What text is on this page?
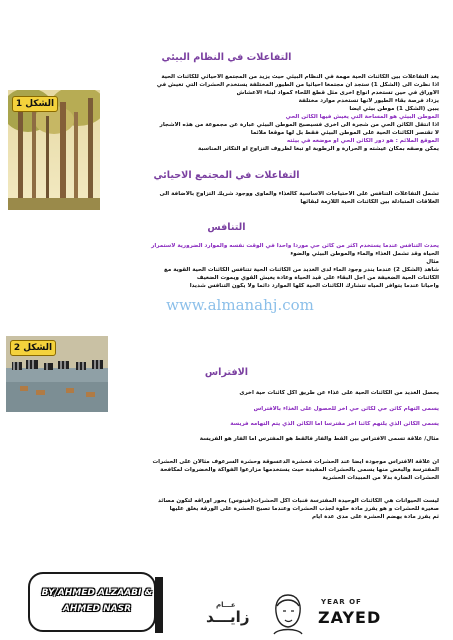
التفاعلات في النظام البيئي
الشكل 1
يعد التفاعلات بين الكائنات الحية مهمة في النظام البيئي حيث يزيد من المجتمع الاحيائي للكائنات الحية
اذا نظرت الى (الشكل 1) ستجد ان مجتمعا احيائيا من الطيور المختلفة يستخدم الحشرات التي تعيش في
الاوراق في حين تستخدم انواع اخرى مثل قطع اللحاء كمواد لبناء الاعشاش
يزداد فرصة بقاء الطيور لانها تستخدم موارد مختلفة
يبين (الشكل 1) موطن بيئي ايضا
الموطن البيئي هو المساحة التي يعيش فيها الكائن الحي
اذا انتقل الكائن الحي من شجرة الى اخرى فسيصبح الموطن البيئي عبارة عن مجموعة من هذه الاشجار
لا تقتصر الكائنات الحية على الموطن البيئي فقط بل لها موقعا ملائما
الموقع الملائم : هو دور الكائن الحي او موضعه في بيئته
يمكن وصفه بمكان عيشته و الحرارة و الرطوبة او تبعا لظروف التزاوج او التكاثر المناسبة
التفاعلات في المجتمع الاحيائي
تشمل التفاعلات التنافس على الاحتياجات الاساسية كالغذاء والماوى ووجود شريك التزاوج بالاضافة الى
العلاقات المتبادلة بين الكائنات الحية اللازمة لبقائها
التنافس
يحدث التنافس عندما يستخدم اكثر من كائن حي موردا واحدا في الوقت نفسه والموارد الضرورية لاستمرار
الحياة وقد تشمل الغذاء والماء والموطن البيئي والضوء
مثال
شاهد (الشكل 2) عندما يندر وجود الماء لدى العديد من الكائنات الحية تتنافس الكائنات الحية القوية مع
الكائنات الحية الضعيفة من اجل البقاء على قيد الحياة وعادة يعيش القوي ويموت الضعيف
واحيانا عندما يتوافر المياه تتشارك الكائنات الحية كلها الموارد دائما ولا يكون التنافس شديدا
www.almanahj.com
الشكل 2
الافتراس
يحصل العديد من الكائنات الحية على غذاء عن طريق اكل كائنات حية اخرى
يسمى التهام كائن حي لكائن حي اخر للحصول على الغذاء بالافتراس
يسمى الكائن الذي يلتهم كائنا اخر مفترسا اما الكائن الذي يتم التهامه فريسة
مثال/ علاقة تسمى الافتراس بين القط والفار فالقط هو المفترس اما الفار هو الفريسة
ان علاقة الافتراس موجودة ايضا عند الحشرات فحشرة الدعسوقة وحشرة السرعوف مثالان على الحشرات
المفترسة والبعض منها يسمى بالحشرات المفيدة حيث يستخدمها مزارعوا الفواكة والخضروات لمكافحة
الحشرات الضارة بدلا من المبيدات الحشرية
ليست الحيوانات هي الكائنات الوحيدة المفترسة فنبات اكل الحشرات(فينوس) يحور اوراقه لتكون مصائد
صغيرة للحشرات و هو يفرز مادة حلوة لجذب الحشرات وعندما تصبح الحشرة على الورقة يغلق عليها
ثم يفرز مادة يهضم الحشرة على مدى عدة ايام
BY/AHMED ALZAABI &
AHMED NASR	عـــام
زايـــد
YEAR OF
ZAYED
